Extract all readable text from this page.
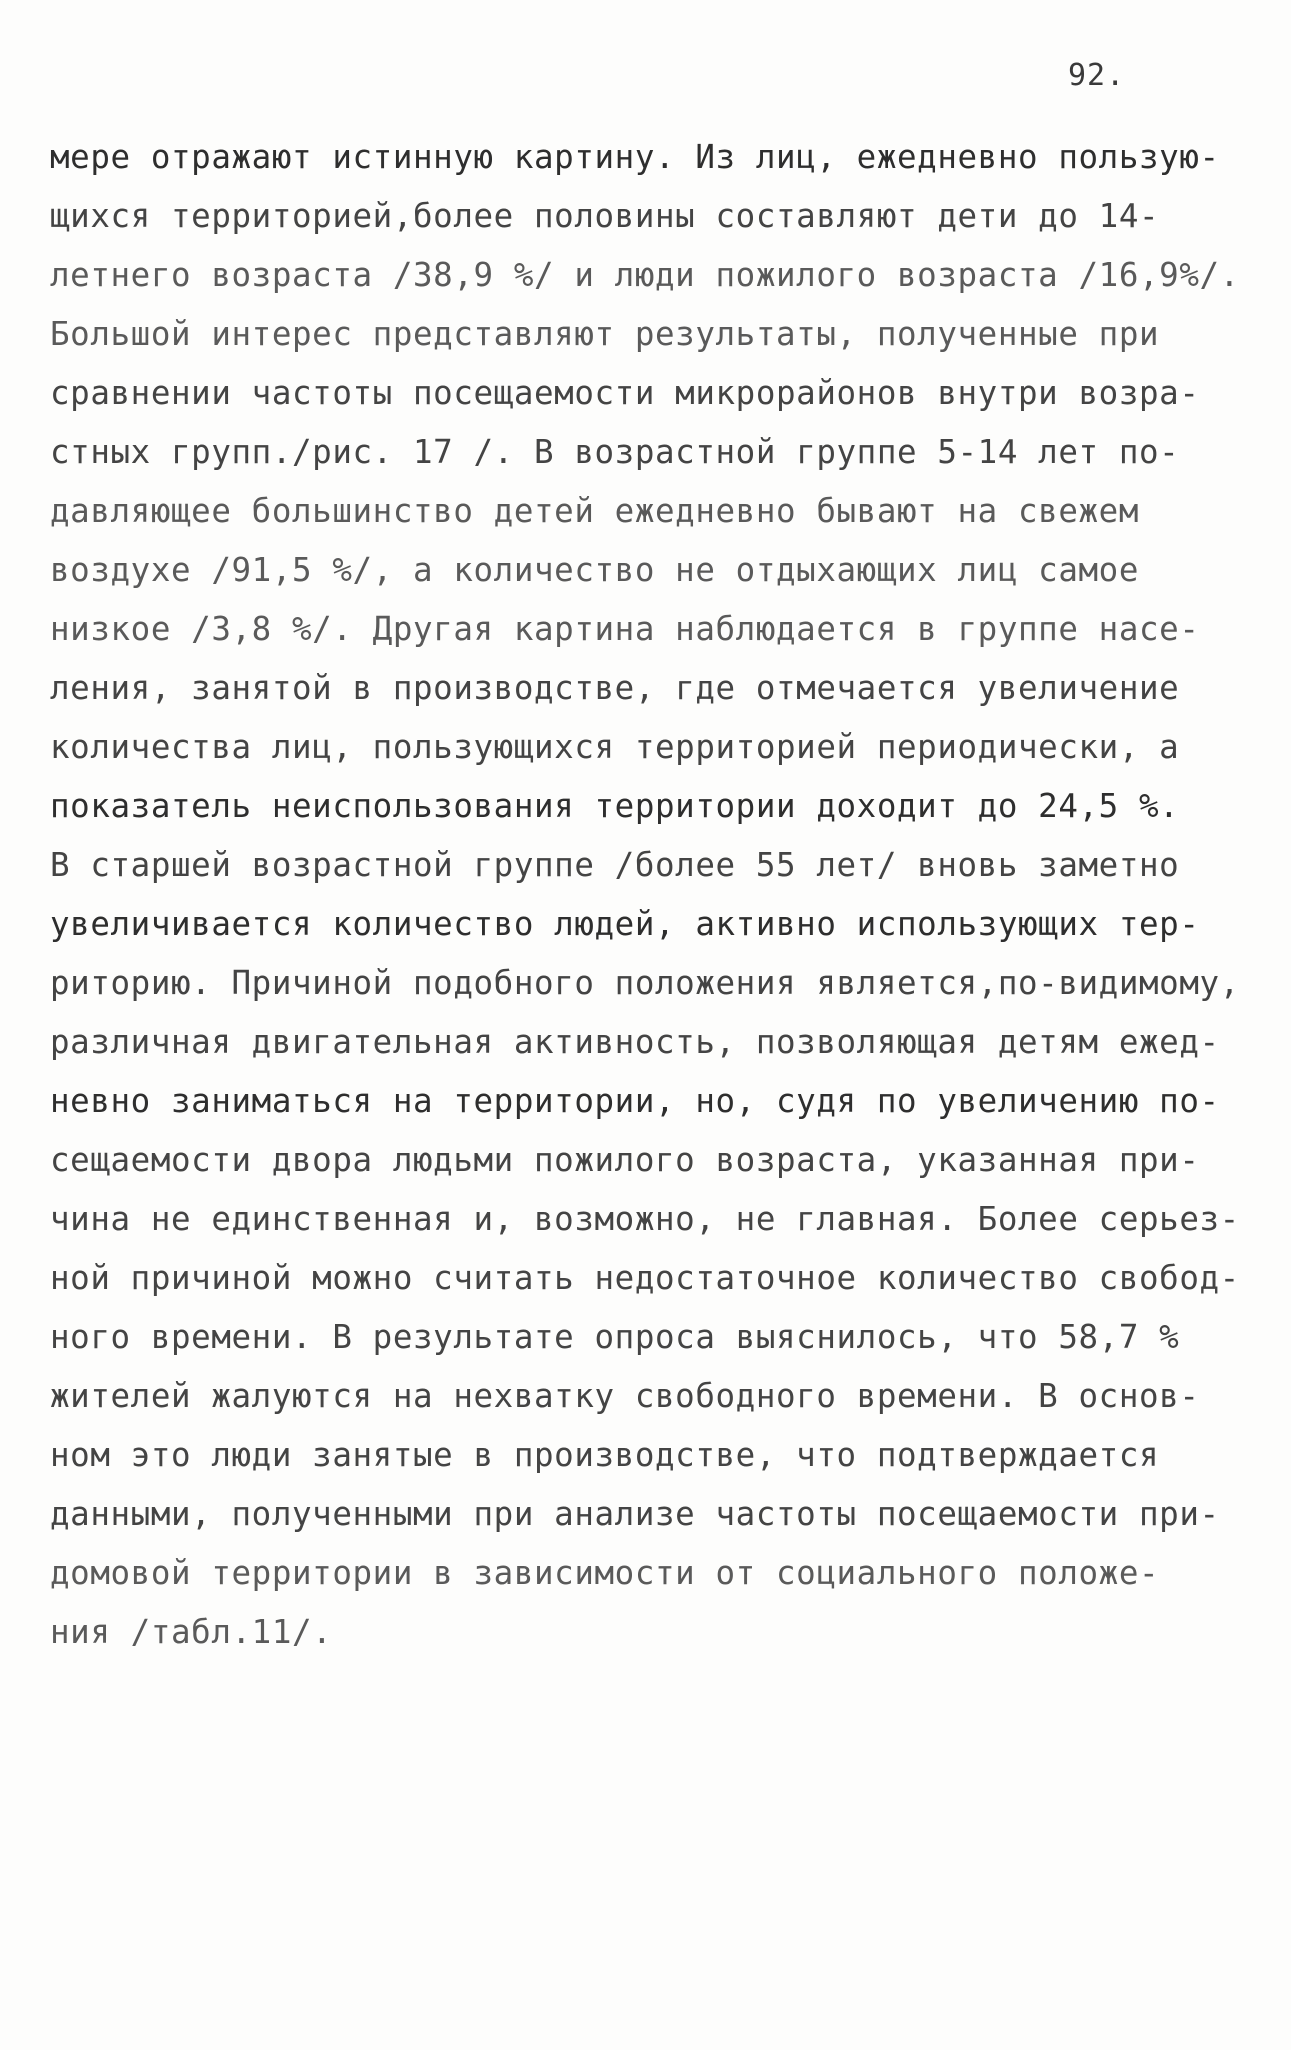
92.
мере отражают истинную картину. Из лиц, ежедневно пользую-
щихся территорией,более половины составляют дети до 14-
летнего возраста /38,9 %/ и люди пожилого возраста /16,9%/.
Большой интерес представляют результаты, полученные при
сравнении частоты посещаемости микрорайонов внутри возра-
стных групп./рис. 17 /. В возрастной группе 5-14 лет по-
давляющее большинство детей ежедневно бывают на свежем
воздухе /91,5 %/, а количество не отдыхающих лиц самое
низкое /3,8 %/. Другая картина наблюдается в группе насе-
ления, занятой в производстве, где отмечается увеличение
количества лиц, пользующихся территорией периодически, а
показатель неиспользования территории доходит до 24,5 %.
В старшей возрастной группе /более 55 лет/ вновь заметно
увеличивается количество людей, активно использующих тер-
риторию. Причиной подобного положения является,по-видимому,
различная двигательная активность, позволяющая детям ежед-
невно заниматься на территории, но, судя по увеличению по-
сещаемости двора людьми пожилого возраста, указанная при-
чина не единственная и, возможно, не главная. Более серьез-
ной причиной можно считать недостаточное количество свобод-
ного времени. В результате опроса выяснилось, что 58,7 %
жителей жалуются на нехватку свободного времени. В основ-
ном это люди занятые в производстве, что подтверждается
данными, полученными при анализе частоты посещаемости при-
домовой территории в зависимости от социального положе-
ния /табл.11/.
